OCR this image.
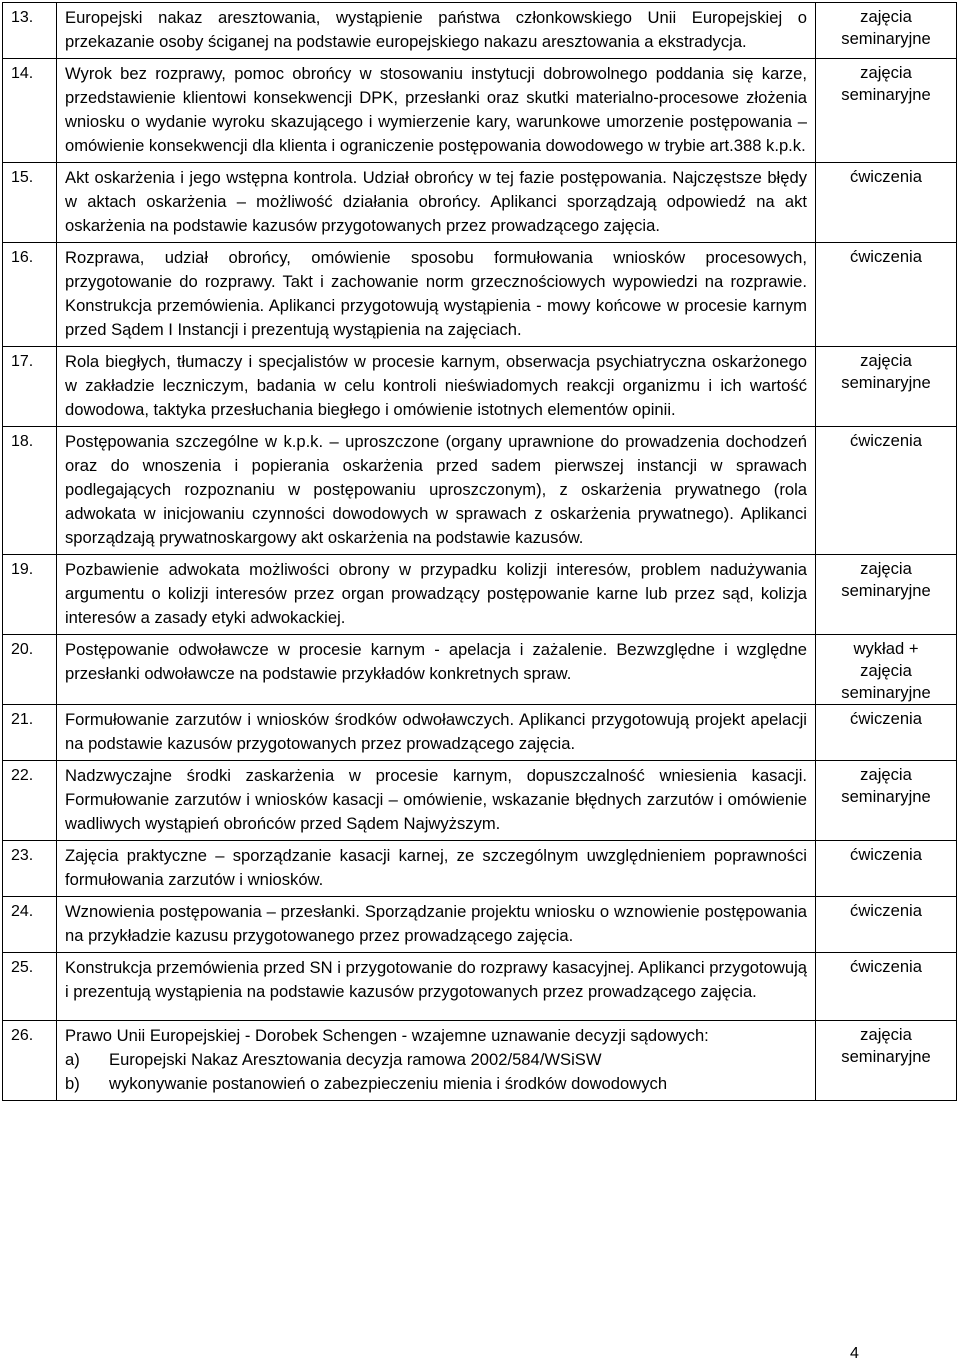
13.	Europejski nakaz aresztowania, wystąpienie państwa członkowskiego Unii Europejskiej o przekazanie osoby ściganej na podstawie europejskiego nakazu aresztowania a ekstradycja.	zajęcia
seminaryjne

14.	Wyrok bez rozprawy, pomoc obrońcy w stosowaniu instytucji dobrowolnego poddania się karze, przedstawienie klientowi konsekwencji DPK, przesłanki oraz skutki materialno-procesowe złożenia wniosku o wydanie wyroku skazującego i wymierzenie kary, warunkowe umorzenie postępowania – omówienie konsekwencji dla klienta i ograniczenie postępowania dowodowego w trybie art.388 k.p.k.	zajęcia
seminaryjne

15.	Akt oskarżenia i jego wstępna kontrola. Udział obrońcy w tej fazie postępowania. Najczęstsze błędy w aktach oskarżenia – możliwość działania obrońcy. Aplikanci sporządzają odpowiedź na akt oskarżenia na podstawie kazusów przygotowanych przez prowadzącego zajęcia.	ćwiczenia

16.	Rozprawa, udział obrońcy, omówienie sposobu formułowania wniosków procesowych, przygotowanie do rozprawy. Takt i zachowanie norm grzecznościowych wypowiedzi na rozprawie. Konstrukcja przemówienia. Aplikanci przygotowują wystąpienia - mowy końcowe w procesie karnym przed Sądem I Instancji i prezentują wystąpienia na zajęciach.	ćwiczenia

17.	Rola biegłych, tłumaczy i specjalistów w procesie karnym, obserwacja psychiatryczna oskarżonego w zakładzie leczniczym, badania w celu kontroli nieświadomych reakcji organizmu i ich wartość dowodowa, taktyka przesłuchania biegłego i omówienie istotnych elementów opinii.	zajęcia
seminaryjne

18.	Postępowania szczególne w k.p.k. – uproszczone (organy uprawnione do prowadzenia dochodzeń oraz do wnoszenia i popierania oskarżenia przed sadem pierwszej instancji w sprawach podlegających rozpoznaniu w postępowaniu uproszczonym), z oskarżenia prywatnego (rola adwokata w inicjowaniu czynności dowodowych w sprawach z oskarżenia prywatnego). Aplikanci sporządzają prywatnoskargowy akt oskarżenia na podstawie kazusów.	ćwiczenia

19.	Pozbawienie adwokata możliwości obrony w przypadku kolizji interesów, problem nadużywania argumentu o kolizji interesów przez organ prowadzący postępowanie karne lub przez sąd, kolizja interesów a zasady etyki adwokackiej.	zajęcia
seminaryjne

20.	Postępowanie odwoławcze w procesie karnym - apelacja i zażalenie. Bezwzględne i względne przesłanki odwoławcze na podstawie przykładów konkretnych spraw.	wykład +
zajęcia
seminaryjne

21.	Formułowanie zarzutów i wniosków środków odwoławczych. Aplikanci przygotowują projekt apelacji na podstawie kazusów przygotowanych przez prowadzącego zajęcia.	ćwiczenia

22.	Nadzwyczajne środki zaskarżenia w procesie karnym, dopuszczalność wniesienia kasacji. Formułowanie zarzutów i wniosków kasacji – omówienie, wskazanie błędnych zarzutów i omówienie wadliwych wystąpień obrońców przed Sądem Najwyższym.	zajęcia
seminaryjne

23.	Zajęcia praktyczne – sporządzanie kasacji karnej, ze szczególnym uwzględnieniem poprawności formułowania zarzutów i wniosków.	ćwiczenia

24.	Wznowienia postępowania – przesłanki. Sporządzanie projektu wniosku o wznowienie postępowania na przykładzie kazusu przygotowanego przez prowadzącego zajęcia.	ćwiczenia

25.	Konstrukcja przemówienia przed SN i przygotowanie do rozprawy kasacyjnej. Aplikanci przygotowują i prezentują wystąpienia na podstawie kazusów przygotowanych przez prowadzącego zajęcia.	ćwiczenia

26.	Prawo Unii Europejskiej - Dorobek Schengen - wzajemne uznawanie decyzji sądowych:
a) Europejski Nakaz Aresztowania decyzja ramowa 2002/584/WSiSW
b) wykonywanie postanowień o zabezpieczeniu mienia i środków dowodowych	zajęcia
seminaryjne
4
